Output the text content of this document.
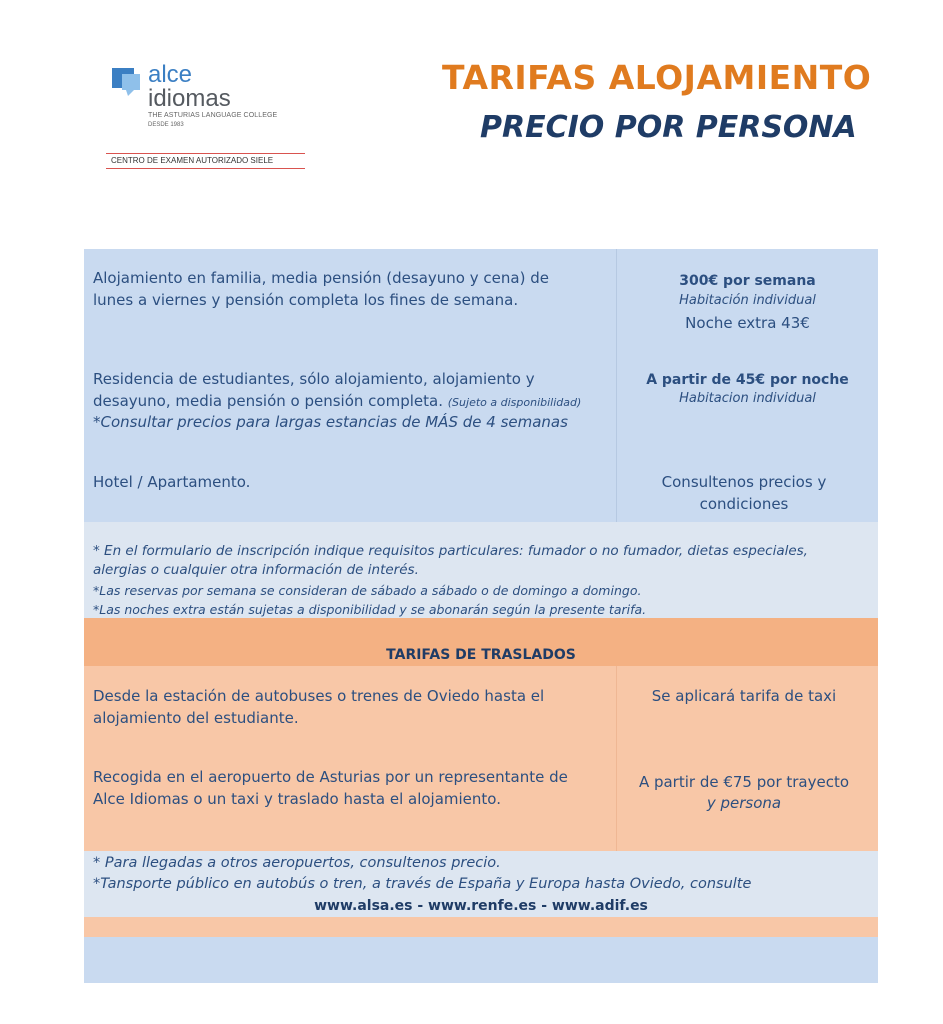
alce
idiomas
THE ASTURIAS LANGUAGE COLLEGE
DESDE 1983
CENTRO DE EXAMEN AUTORIZADO SIELE
TARIFAS ALOJAMIENTO
PRECIO POR PERSONA
Alojamiento en familia, media pensión (desayuno y cena) de
lunes a viernes y pensión completa los fines de semana.
300€ por semana
Habitación individual
Noche extra 43€
Residencia de estudiantes, sólo alojamiento, alojamiento y
desayuno, media pensión o pensión completa. (Sujeto a disponibilidad)
*Consultar precios para largas estancias de MÁS de 4 semanas
A partir de 45€ por noche
Habitacion individual
Hotel / Apartamento.	Consultenos precios y
condiciones
* En el formulario de inscripción indique requisitos particulares: fumador o no fumador, dietas especiales,
alergias o cualquier otra información de interés.
*Las reservas por semana se consideran de sábado a sábado o de domingo a domingo.
*Las noches extra están sujetas a disponibilidad y se abonarán según la presente tarifa.
TARIFAS DE TRASLADOS
Desde la estación de autobuses o trenes de Oviedo hasta el
alojamiento del estudiante.
Se aplicará tarifa de taxi
Recogida en el aeropuerto de Asturias por un representante de
Alce Idiomas o un taxi y traslado hasta el alojamiento.
A partir de €75 por trayecto
y persona
* Para llegadas a otros aeropuertos, consultenos precio.
*Tansporte público en autobús o tren, a través de España y Europa hasta Oviedo, consulte
www.alsa.es - www.renfe.es - www.adif.es
